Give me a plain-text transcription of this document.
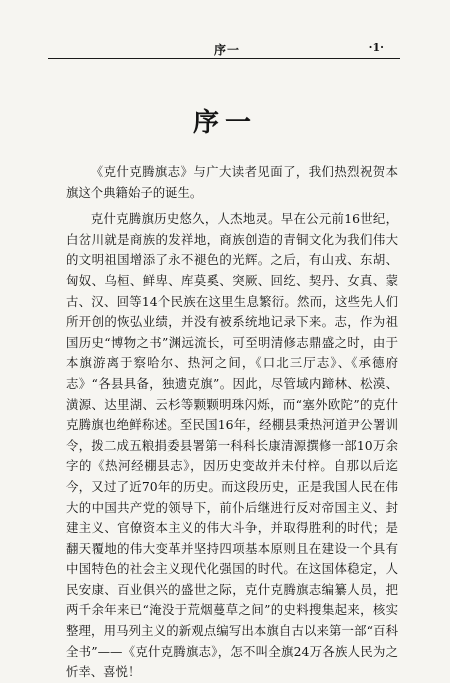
序一	·1·
序一

《克什克腾旗志》与广大读者见面了，我们热烈祝贺本旗这个典籍始子的诞生。

克什克腾旗历史悠久，人杰地灵。早在公元前16世纪，白岔川就是商族的发祥地，商族创造的青铜文化为我们伟大的文明祖国增添了永不褪色的光辉。之后，有山戎、东胡、匈奴、乌桓、鲜卑、库莫奚、突厥、回纥、契丹、女真、蒙古、汉、回等14个民族在这里生息繁衍。然而，这些先人们所开创的恢弘业绩，并没有被系统地记录下来。志，作为祖国历史“博物之书”渊远流长，可至明清修志鼎盛之时，由于本旗游离于察哈尔、热河之间，《口北三厅志》、《承德府志》“各县具备，独遗克旗”。因此，尽管域内蹄林、松漠、潢源、达里湖、云杉等颗颗明珠闪烁，而“塞外欧陀”的克什克腾旗也绝鲜称述。至民国16年，经棚县秉热河道尹公署训令，拨二成五粮捐委县署第一科科长康清源撰修一部10万余字的《热河经棚县志》，因历史变故并未付梓。自那以后迄今，又过了近70年的历史。而这段历史，正是我国人民在伟大的中国共产党的领导下，前仆后继进行反对帝国主义、封建主义、官僚资本主义的伟大斗争，并取得胜利的时代；是翻天覆地的伟大变革并坚持四项基本原则且在建设一个具有中国特色的社会主义现代化强国的时代。在这国体稳定，人民安康、百业俱兴的盛世之际，克什克腾旗志编纂人员，把两千余年来已“淹没于荒烟蔓草之间”的史料搜集起来，核实整理，用马列主义的新观点编写出本旗自古以来第一部“百科全书”——《克什克腾旗志》，怎不叫全旗24万各族人民为之忻幸、喜悦！
